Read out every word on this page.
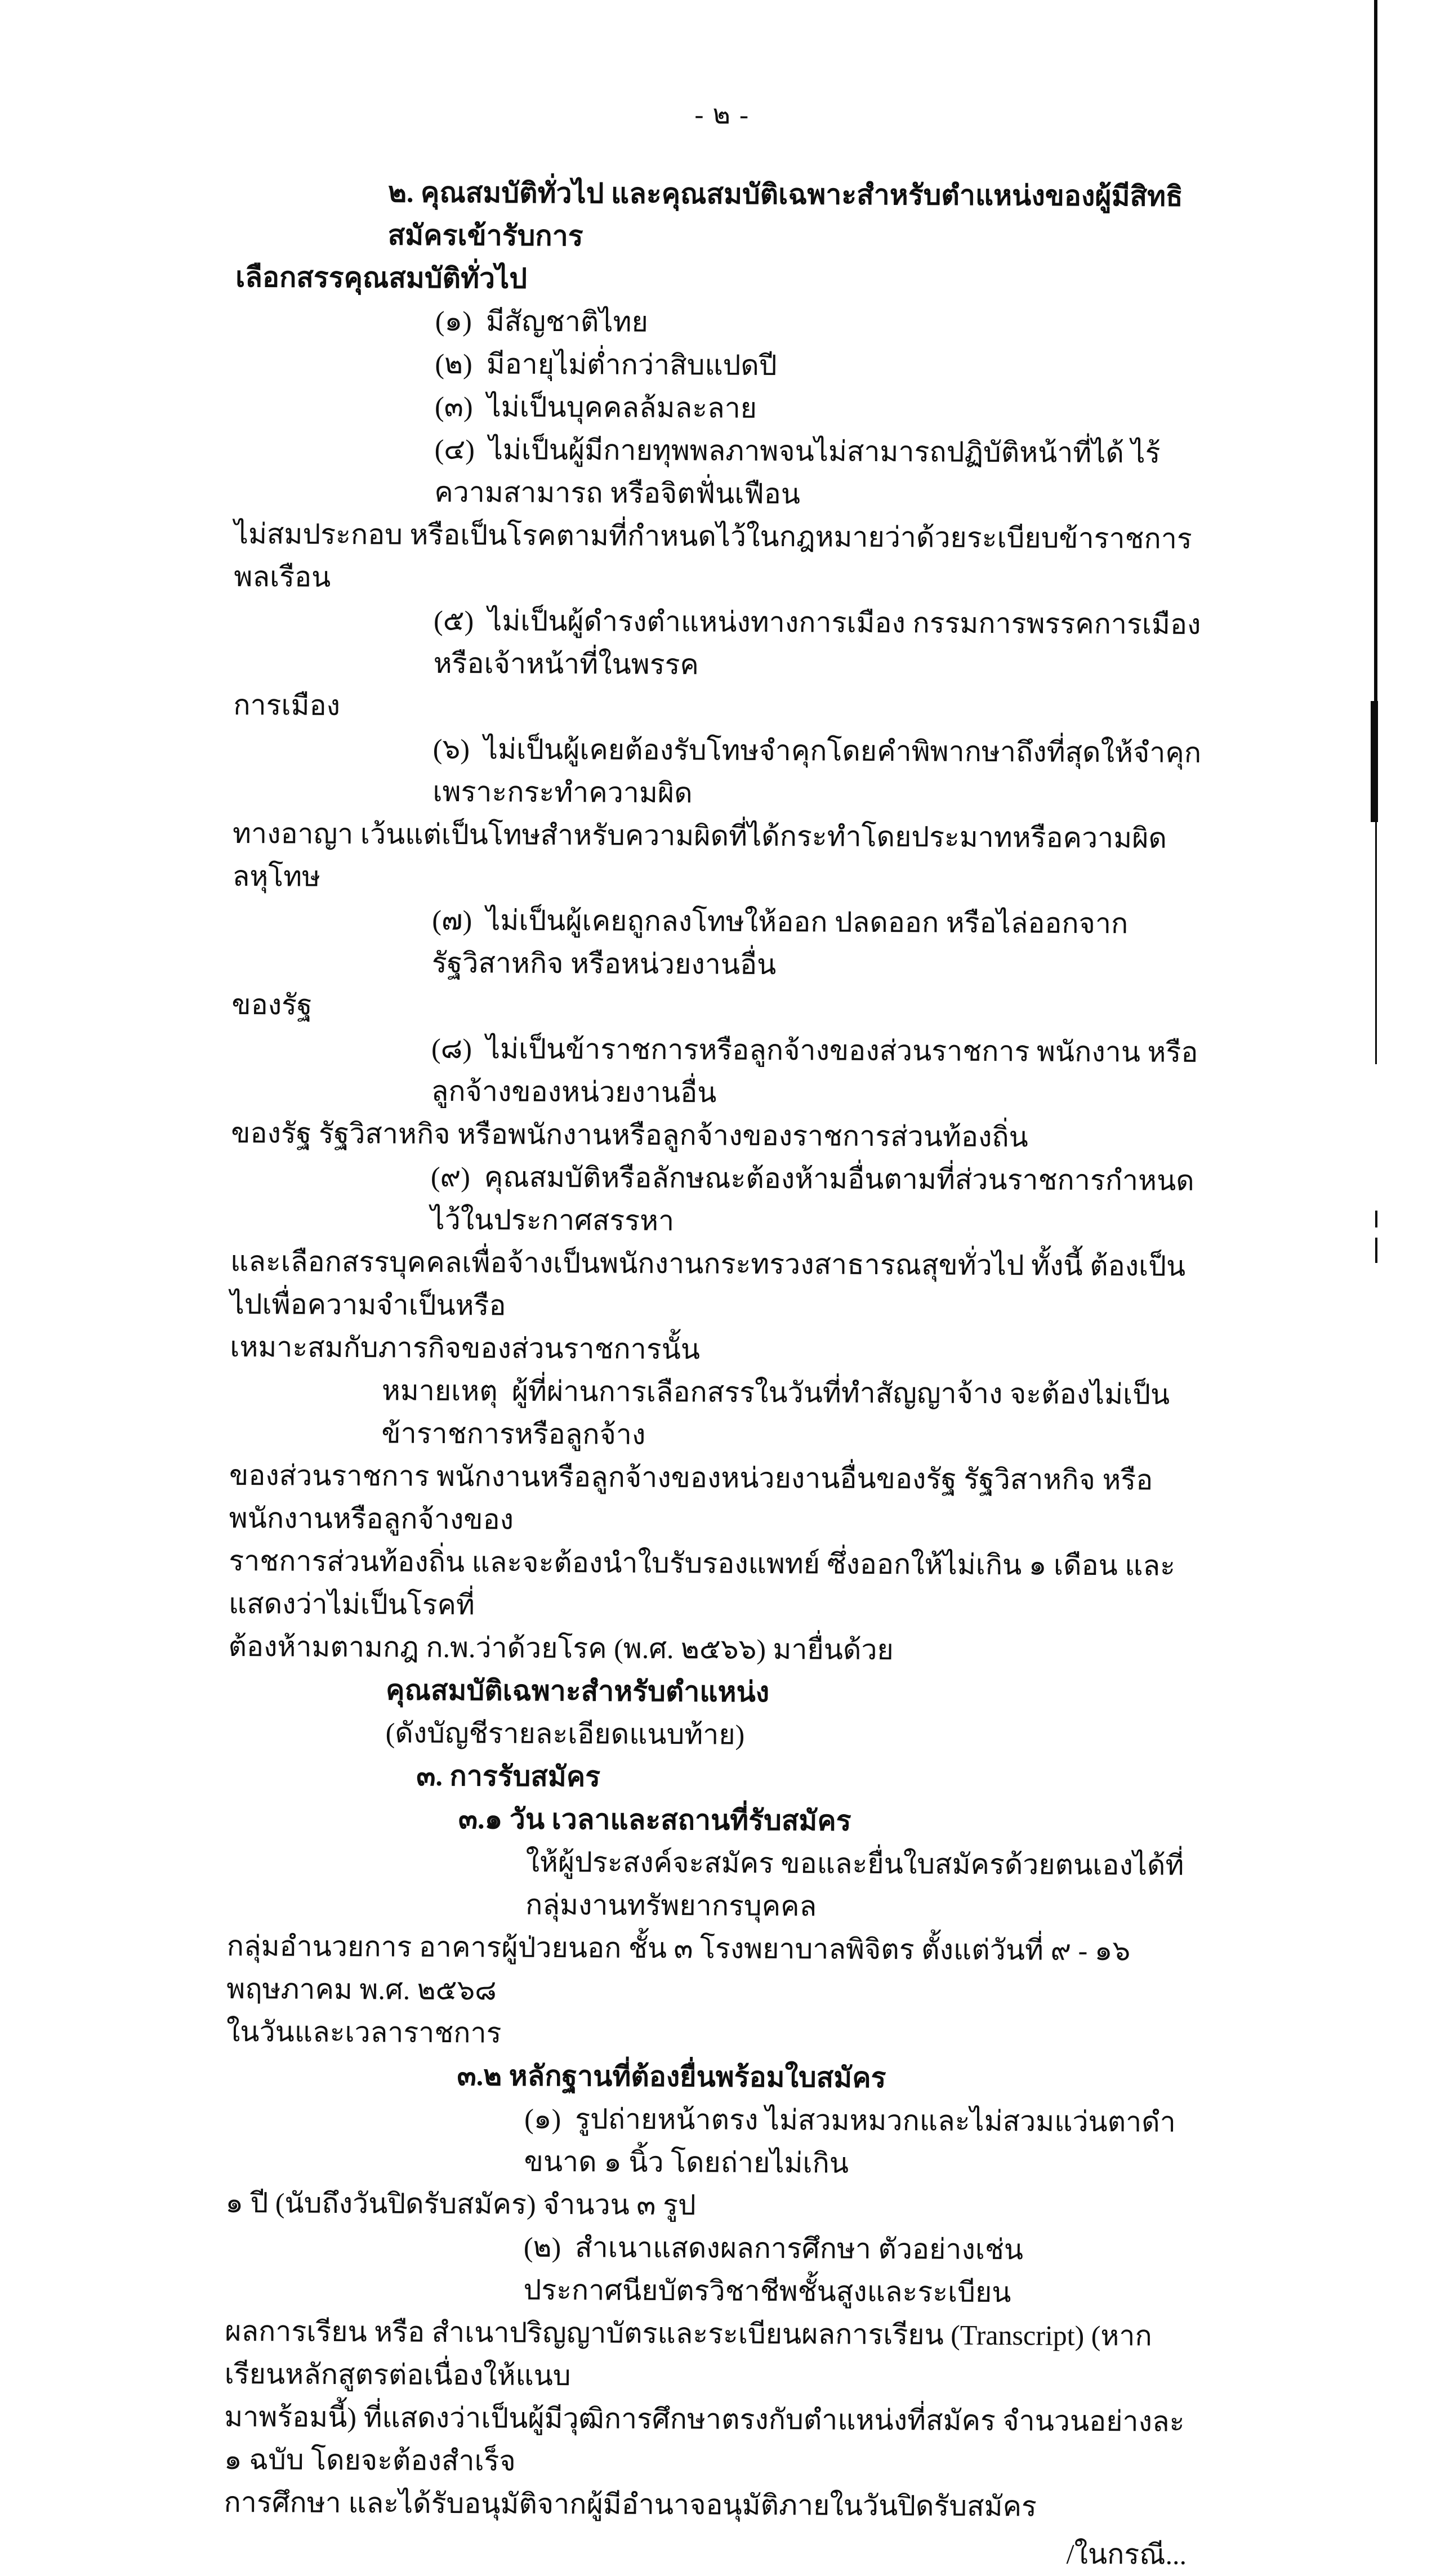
- ๒ -
๒. คุณสมบัติทั่วไป และคุณสมบัติเฉพาะสำหรับตำแหน่งของผู้มีสิทธิสมัครเข้ารับการ
เลือกสรรคุณสมบัติทั่วไป
(๑)  มีสัญชาติไทย
(๒)  มีอายุไม่ต่ำกว่าสิบแปดปี
(๓)  ไม่เป็นบุคคลล้มละลาย
(๔)  ไม่เป็นผู้มีกายทุพพลภาพจนไม่สามารถปฏิบัติหน้าที่ได้ ไร้ความสามารถ หรือจิตฟั่นเฟือน
ไม่สมประกอบ หรือเป็นโรคตามที่กำหนดไว้ในกฎหมายว่าด้วยระเบียบข้าราชการพลเรือน
(๕)  ไม่เป็นผู้ดำรงตำแหน่งทางการเมือง กรรมการพรรคการเมือง หรือเจ้าหน้าที่ในพรรค
การเมือง
(๖)  ไม่เป็นผู้เคยต้องรับโทษจำคุกโดยคำพิพากษาถึงที่สุดให้จำคุก เพราะกระทำความผิด
ทางอาญา เว้นแต่เป็นโทษสำหรับความผิดที่ได้กระทำโดยประมาทหรือความผิดลหุโทษ
(๗)  ไม่เป็นผู้เคยถูกลงโทษให้ออก ปลดออก หรือไล่ออกจากรัฐวิสาหกิจ หรือหน่วยงานอื่น
ของรัฐ
(๘)  ไม่เป็นข้าราชการหรือลูกจ้างของส่วนราชการ พนักงาน หรือลูกจ้างของหน่วยงานอื่น
ของรัฐ รัฐวิสาหกิจ หรือพนักงานหรือลูกจ้างของราชการส่วนท้องถิ่น
(๙)  คุณสมบัติหรือลักษณะต้องห้ามอื่นตามที่ส่วนราชการกำหนดไว้ในประกาศสรรหา
และเลือกสรรบุคคลเพื่อจ้างเป็นพนักงานกระทรวงสาธารณสุขทั่วไป ทั้งนี้ ต้องเป็นไปเพื่อความจำเป็นหรือ
เหมาะสมกับภารกิจของส่วนราชการนั้น
หมายเหตุ  ผู้ที่ผ่านการเลือกสรรในวันที่ทำสัญญาจ้าง จะต้องไม่เป็นข้าราชการหรือลูกจ้าง
ของส่วนราชการ พนักงานหรือลูกจ้างของหน่วยงานอื่นของรัฐ รัฐวิสาหกิจ หรือพนักงานหรือลูกจ้างของ
ราชการส่วนท้องถิ่น และจะต้องนำใบรับรองแพทย์ ซึ่งออกให้ไม่เกิน ๑ เดือน และแสดงว่าไม่เป็นโรคที่
ต้องห้ามตามกฎ ก.พ.ว่าด้วยโรค (พ.ศ. ๒๕๖๖) มายื่นด้วย
คุณสมบัติเฉพาะสำหรับตำแหน่ง
(ดังบัญชีรายละเอียดแนบท้าย)
๓. การรับสมัคร
๓.๑ วัน เวลาและสถานที่รับสมัคร
ให้ผู้ประสงค์จะสมัคร ขอและยื่นใบสมัครด้วยตนเองได้ที่กลุ่มงานทรัพยากรบุคคล
กลุ่มอำนวยการ อาคารผู้ป่วยนอก ชั้น ๓ โรงพยาบาลพิจิตร ตั้งแต่วันที่ ๙ - ๑๖  พฤษภาคม พ.ศ. ๒๕๖๘
ในวันและเวลาราชการ
๓.๒ หลักฐานที่ต้องยื่นพร้อมใบสมัคร
(๑)  รูปถ่ายหน้าตรง ไม่สวมหมวกและไม่สวมแว่นตาดำ ขนาด ๑ นิ้ว โดยถ่ายไม่เกิน
๑ ปี (นับถึงวันปิดรับสมัคร) จำนวน ๓ รูป
(๒)  สำเนาแสดงผลการศึกษา ตัวอย่างเช่น ประกาศนียบัตรวิชาชีพชั้นสูงและระเบียน
ผลการเรียน หรือ สำเนาปริญญาบัตรและระเบียนผลการเรียน (Transcript) (หากเรียนหลักสูตรต่อเนื่องให้แนบ
มาพร้อมนี้) ที่แสดงว่าเป็นผู้มีวุฒิการศึกษาตรงกับตำแหน่งที่สมัคร จำนวนอย่างละ ๑ ฉบับ โดยจะต้องสำเร็จ
การศึกษา และได้รับอนุมัติจากผู้มีอำนาจอนุมัติภายในวันปิดรับสมัคร
/ในกรณี...
